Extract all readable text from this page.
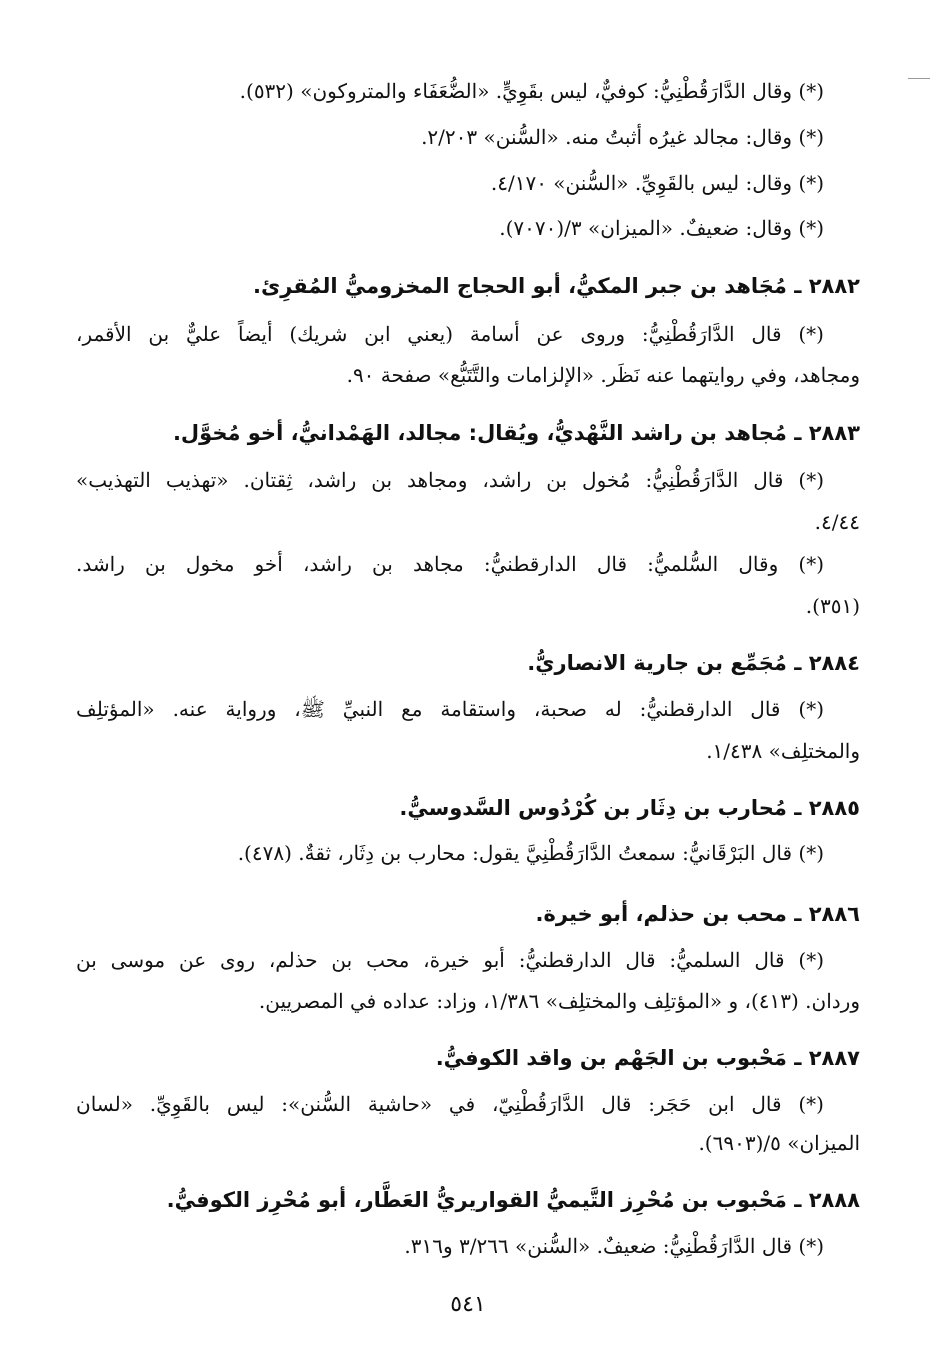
(*) وقال الدَّارَقُطْنِيُّ: كوفيٌّ، ليس بقَوِيٍّ. «الضُّعَفَاء والمتروكون» (٥٣٢).
(*) وقال: مجالد غيرُه أثبتُ منه. «السُّنن» ٢/٢٠٣.
(*) وقال: ليس بالقَوِيِّ. «السُّنن» ٤/١٧٠.
(*) وقال: ضعيفٌ. «الميزان» ٣/(٧٠٧٠).
٢٨٨٢ ـ مُجَاهد بن جبر المكيُّ، أبو الحجاج المخزوميُّ المُقرِئ.
(*) قال الدَّارَقُطْنِيُّ: وروى عن أسامة (يعني ابن شريك) أيضاً عليٌّ بن الأقمر،
ومجاهد، وفي روايتهما عنه نَظَر. «الإلزامات والتَّتَبُّع» صفحة ٩٠.
٢٨٨٣ ـ مُجاهد بن راشد النَّهْديُّ، ويُقال: مجالد، الهَمْدانيُّ، أخو مُخوَّل.
(*) قال الدَّارَقُطْنِيُّ: مُخول بن راشد، ومجاهد بن راشد، ثِقتان. «تهذيب التهذيب»
٤/٤٤.
(*) وقال السُّلميُّ: قال الدارقطنيُّ: مجاهد بن راشد، أخو مخول بن راشد.
(٣٥١).
٢٨٨٤ ـ مُجَمِّع بن جارية الانصاريُّ.
(*) قال الدارقطنيُّ: له صحبة، واستقامة مع النبيِّ ﷺ، ورواية عنه. «المؤتلِف
والمختلِف» ١/٤٣٨.
٢٨٨٥ ـ مُحارب بن دِثَار بن كُرْدُوس السَّدوسيُّ.
(*) قال البَرْقَانيُّ: سمعتُ الدَّارَقُطْنِيَّ يقول: محارب بن دِثَار، ثقةٌ. (٤٧٨).
٢٨٨٦ ـ محب بن حذلم، أبو خيرة.
(*) قال السلميُّ: قال الدارقطنيُّ: أبو خيرة، محب بن حذلم، روى عن موسى بن
وردان. (٤١٣)، و «المؤتلِف والمختلِف» ١/٣٨٦، وزاد: عداده في المصريين.
٢٨٨٧ ـ مَحْبوب بن الجَهْم بن واقد الكوفيُّ.
(*) قال ابن حَجَر: قال الدَّارَقُطْنِيّ، في «حاشية السُّنن»: ليس بالقَوِيِّ. «لسان
الميزان» ٥/(٦٩٠٣).
٢٨٨٨ ـ مَحْبوب بن مُحْرِز التَّيميُّ القواريريُّ العَطَّار، أبو مُحْرِز الكوفيُّ.
(*) قال الدَّارَقُطْنِيُّ: ضعيفٌ. «السُّنن» ٣/٢٦٦ و٣١٦.
٥٤١
